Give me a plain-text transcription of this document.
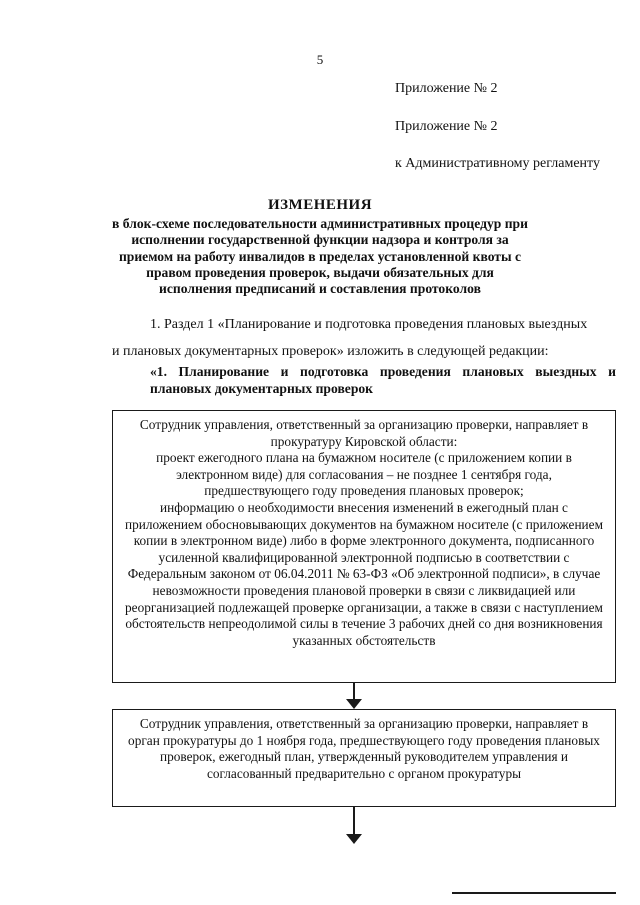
5
Приложение № 2
Приложение № 2
к Административному регламенту
ИЗМЕНЕНИЯ
в блок-схеме последовательности административных процедур при исполнении государственной функции надзора и контроля за приемом на работу инвалидов в пределах установленной квоты с правом проведения проверок, выдачи обязательных для исполнения предписаний и составления протоколов
1. Раздел 1 «Планирование и подготовка проведения плановых выездных
и плановых документарных проверок» изложить в следующей редакции:
«1. Планирование и подготовка проведения плановых выездных и плановых документарных проверок

Сотрудник управления, ответственный за организацию проверки, направляет в прокуратуру Кировской области:

проект ежегодного плана на бумажном носителе (с приложением копии в электронном виде) для согласования – не позднее 1 сентября года, предшествующего году проведения плановых проверок;

информацию о необходимости внесения изменений в ежегодный план с приложением обосновывающих документов на бумажном носителе (с приложением копии в электронном виде) либо в форме электронного документа, подписанного усиленной квалифицированной электронной подписью в соответствии с Федеральным законом от 06.04.2011 № 63-ФЗ «Об электронной подписи», в случае невозможности проведения плановой проверки в связи с ликвидацией или реорганизацией подлежащей проверке организации, а также в связи с наступлением обстоятельств непреодолимой силы в течение 3 рабочих дней со дня возникновения указанных обстоятельств

Сотрудник управления, ответственный за организацию проверки, направляет в орган прокуратуры до 1 ноября года, предшествующего году проведения плановых проверок, ежегодный план, утвержденный руководителем управления и согласованный предварительно с органом прокуратуры
